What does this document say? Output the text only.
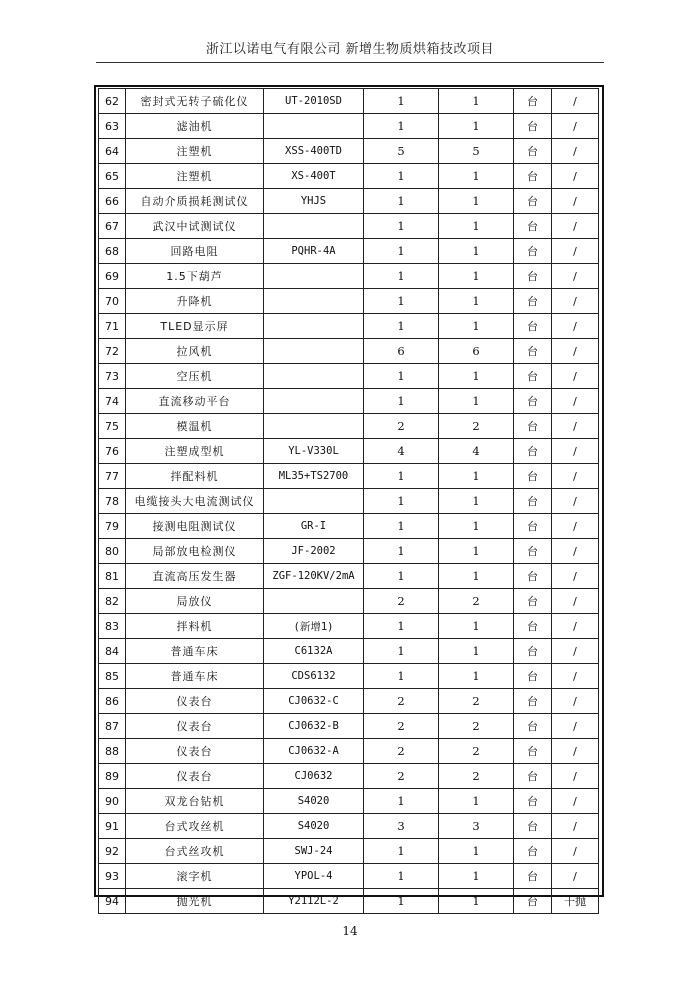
浙江以诺电气有限公司 新增生物质烘箱技改项目
62	密封式无转子硫化仪	UT-2010SD	1	1	台	/
63	滤油机		1	1	台	/
64	注塑机	XSS-400TD	5	5	台	/
65	注塑机	XS-400T	1	1	台	/
66	自动介质损耗测试仪	YHJS	1	1	台	/
67	武汉中试测试仪		1	1	台	/
68	回路电阻	PQHR-4A	1	1	台	/
69	1.5下葫芦		1	1	台	/
70	升降机		1	1	台	/
71	TLED显示屏		1	1	台	/
72	拉风机		6	6	台	/
73	空压机		1	1	台	/
74	直流移动平台		1	1	台	/
75	模温机		2	2	台	/
76	注塑成型机	YL-V330L	4	4	台	/
77	拌配料机	ML35+TS2700	1	1	台	/
78	电缆接头大电流测试仪		1	1	台	/
79	接测电阻测试仪	GR-I	1	1	台	/
80	局部放电检测仪	JF-2002	1	1	台	/
81	直流高压发生器	ZGF-120KV/2mA	1	1	台	/
82	局放仪		2	2	台	/
83	拌料机	(新增1)	1	1	台	/
84	普通车床	C6132A	1	1	台	/
85	普通车床	CDS6132	1	1	台	/
86	仪表台	CJ0632-C	2	2	台	/
87	仪表台	CJ0632-B	2	2	台	/
88	仪表台	CJ0632-A	2	2	台	/
89	仪表台	CJ0632	2	2	台	/
90	双龙台钻机	S4020	1	1	台	/
91	台式攻丝机	S4020	3	3	台	/
92	台式丝攻机	SWJ-24	1	1	台	/
93	滚字机	YPOL-4	1	1	台	/
94	抛光机	Y2112L-2	1	1	台	干抛
14
